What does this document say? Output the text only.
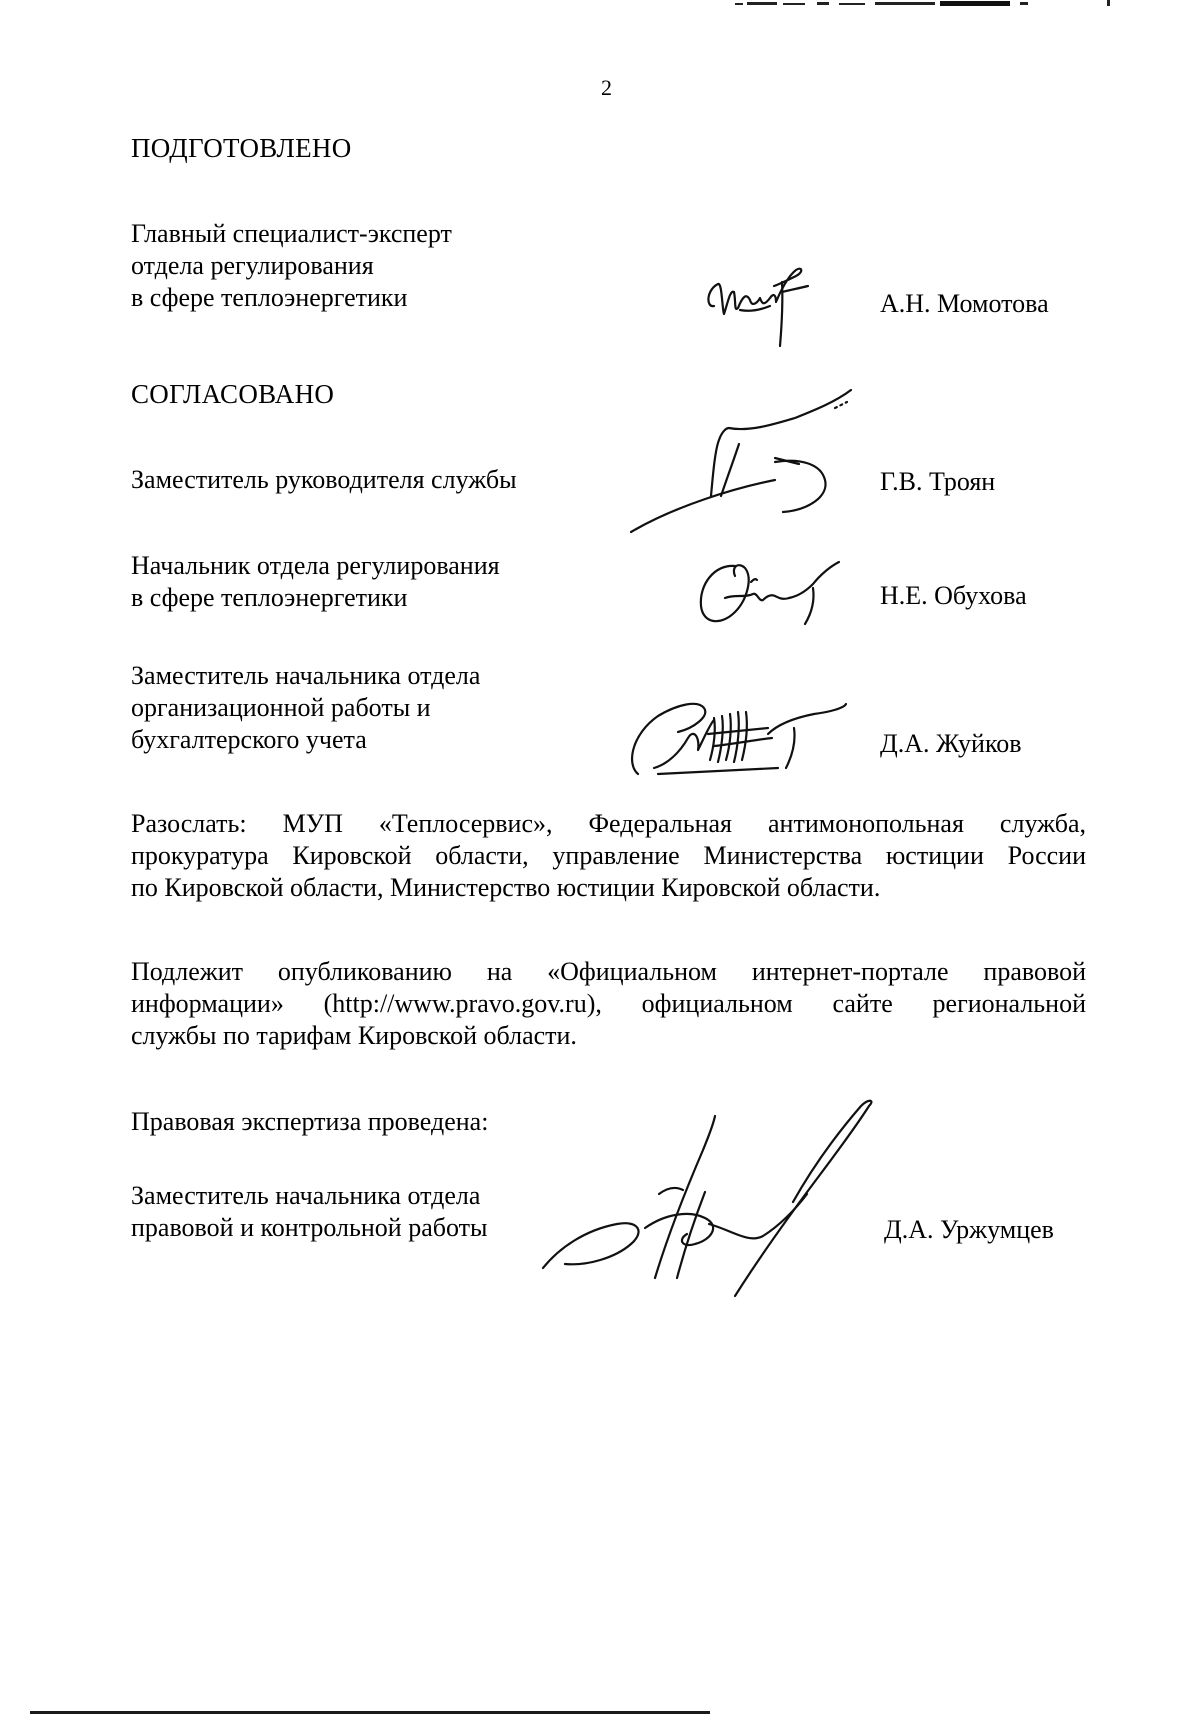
2
ПОДГОТОВЛЕНО
Главный специалист-эксперт
отдела регулирования
в сфере теплоэнергетики	А.Н. Момотова
СОГЛАСОВАНО
Заместитель руководителя службы	Г.В. Троян
Начальник отдела регулирования
в сфере теплоэнергетики	Н.Е. Обухова
Заместитель начальника отдела
организационной работы и
бухгалтерского учета	Д.А. Жуйков
Разослать: МУП «Теплосервис», Федеральная антимонопольная служба,
прокуратура Кировской области, управление Министерства юстиции России
по Кировской области, Министерство юстиции Кировской области.
Подлежит опубликованию на «Официальном интернет-портале правовой
информации» (http://www.pravo.gov.ru), официальном сайте региональной
службы по тарифам Кировской области.
Правовая экспертиза проведена:
Заместитель начальника отдела
правовой и контрольной работы	Д.А. Уржумцев
